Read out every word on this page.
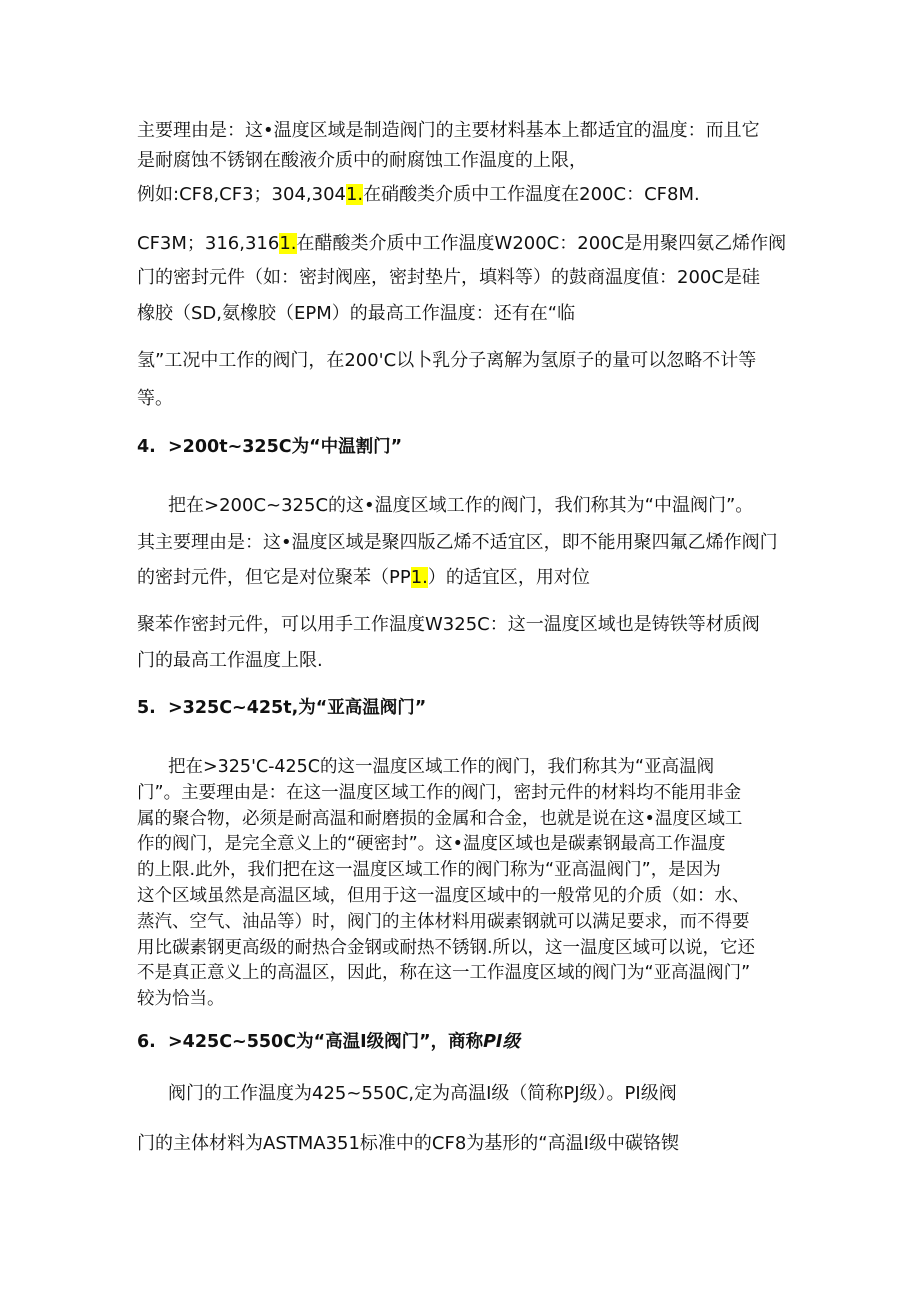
主要理由是：这•温度区域是制造阀门的主要材料基本上都适宜的温度：而且它

是耐腐蚀不锈钢在酸液介质中的耐腐蚀工作温度的上限，

例如:CF8,CF3；304,3041.在硝酸类介质中工作温度在200C：CF8M.

CF3M；316,3161.在醋酸类介质中工作温度W200C：200C是用聚四氨乙烯作阀

门的密封元件（如：密封阀座，密封垫片，填料等）的鼓商温度值：200C是硅

橡胶（SD,氨橡胶（EPM）的最高工作温度：还有在“临

氢”工况中工作的阀门，在200'C以卜乳分子离解为氢原子的量可以忽略不计等

等。

4.  >200t~325C为“中温割门”

把在>200C~325C的这•温度区域工作的阀门，我们称其为“中温阀门”。

其主要理由是：这•温度区域是聚四版乙烯不适宜区，即不能用聚四氟乙烯作阀门

的密封元件，但它是对位聚苯（PP1.）的适宜区，用对位

聚苯作密封元件，可以用手工作温度W325C：这一温度区域也是铸铁等材质阀

门的最高工作温度上限.

5.  >325C~425t,为“亚高温阀门”

把在>325'C-425C的这一温度区域工作的阀门，我们称其为“亚高温阀

门”。主要理由是：在这一温度区域工作的阀门，密封元件的材料均不能用非金

属的聚合物，必须是耐高温和耐磨损的金属和合金，也就是说在这•温度区域工

作的阀门，是完全意义上的“硬密封”。这•温度区域也是碳素钢最高工作温度

的上限.此外，我们把在这一温度区域工作的阀门称为“亚高温阀门”，是因为

这个区域虽然是高温区域，但用于这一温度区域中的一般常见的介质（如：水、

蒸汽、空气、油品等）时，阀门的主体材料用碳素钢就可以满足要求，而不得要

用比碳素钢更高级的耐热合金钢或耐热不锈钢.所以，这一温度区域可以说，它还

不是真正意义上的高温区，因此，称在这一工作温度区域的阀门为“亚高温阀门”

较为恰当。

6.  >425C~550C为“高温I级阀门”，商称PI级

阀门的工作温度为425~550C,定为高温I级（简称PJ级）。PI级阀

门的主体材料为ASTMA351标准中的CF8为基形的“高温I级中碳铬锲
